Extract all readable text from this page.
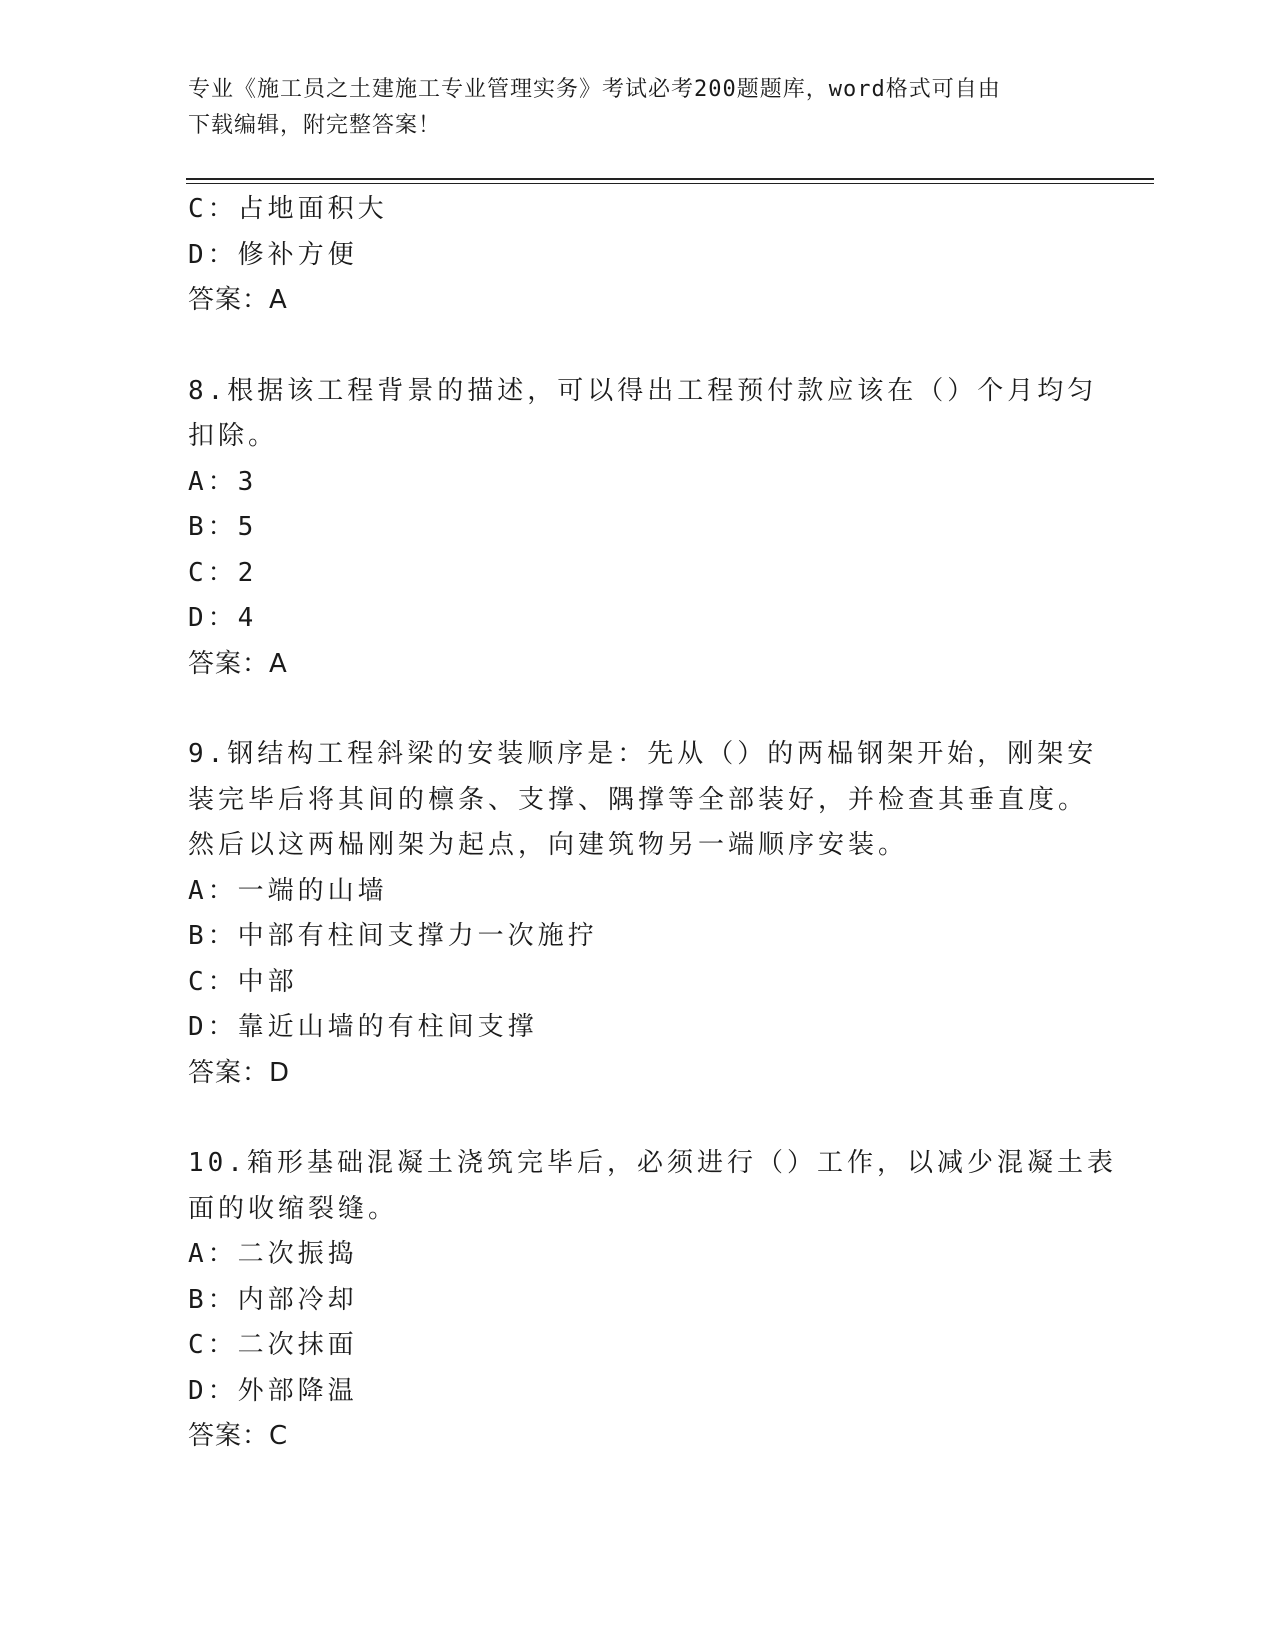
专业《施工员之土建施工专业管理实务》考试必考200题题库，word格式可自由
下载编辑，附完整答案！
C：占地面积大
D：修补方便
答案：A
8.根据该工程背景的描述，可以得出工程预付款应该在（）个月均匀
扣除。
A：3
B：5
C：2
D：4
答案：A
9.钢结构工程斜梁的安装顺序是：先从（）的两榀钢架开始，刚架安
装完毕后将其间的檩条、支撑、隅撑等全部装好，并检查其垂直度。
然后以这两榀刚架为起点，向建筑物另一端顺序安装。
A：一端的山墙
B：中部有柱间支撑力一次施拧
C：中部
D：靠近山墙的有柱间支撑
答案：D
10.箱形基础混凝土浇筑完毕后，必须进行（）工作，以减少混凝土表
面的收缩裂缝。
A：二次振捣
B：内部冷却
C：二次抹面
D：外部降温
答案：C
